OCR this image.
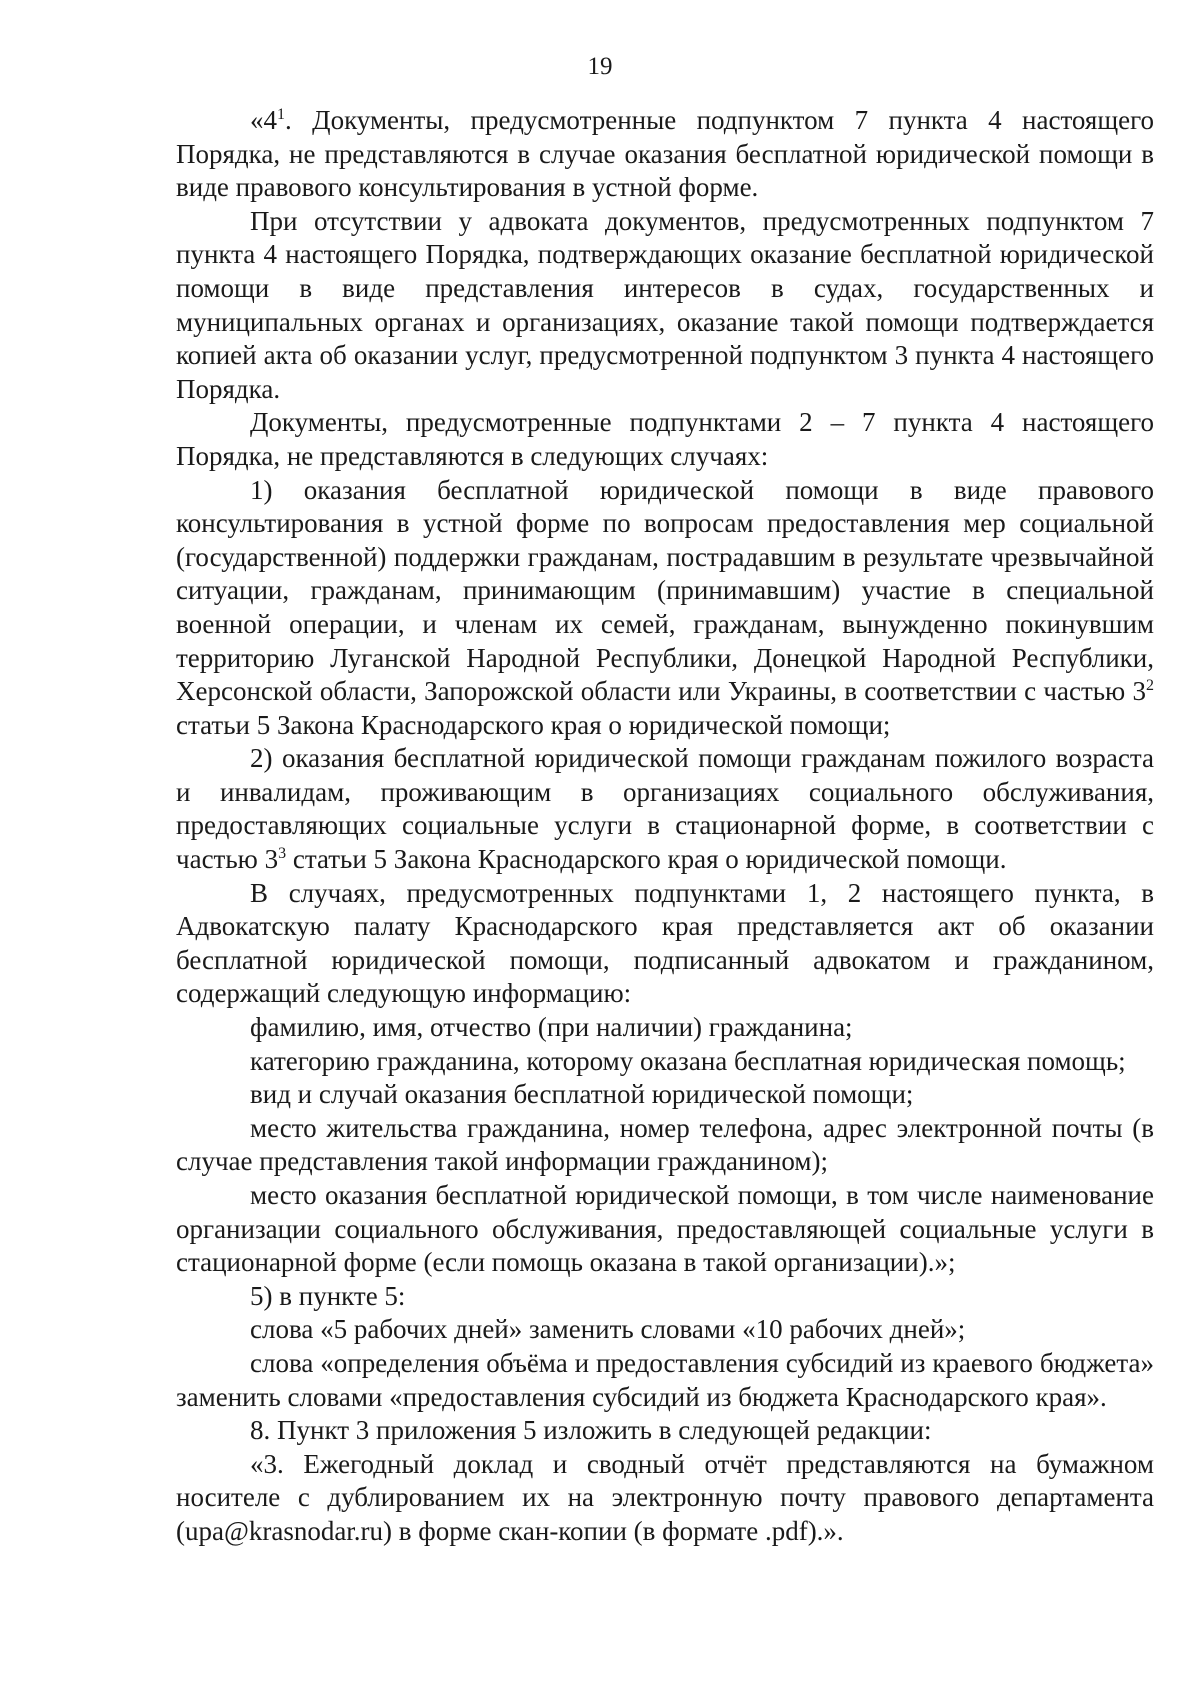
19

«$4^1$. Документы, предусмотренные подпунктом 7 пункта 4 настоящего Порядка, не представляются в случае оказания бесплатной юридической помощи в виде правового консультирования в устной форме.

При отсутствии у адвоката документов, предусмотренных подпунктом 7 пункта 4 настоящего Порядка, подтверждающих оказание бесплатной юридической помощи в виде представления интересов в судах, государственных и муниципальных органах и организациях, оказание такой помощи подтверждается копией акта об оказании услуг, предусмотренной подпунктом 3 пункта 4 настоящего Порядка.

Документы, предусмотренные подпунктами 2 – 7 пункта 4 настоящего Порядка, не представляются в следующих случаях:

1) оказания бесплатной юридической помощи в виде правового консультирования в устной форме по вопросам предоставления мер социальной (государственной) поддержки гражданам, пострадавшим в результате чрезвычайной ситуации, гражданам, принимающим (принимавшим) участие в специальной военной операции, и членам их семей, гражданам, вынужденно покинувшим территорию Луганской Народной Республики, Донецкой Народной Республики, Херсонской области, Запорожской области или Украины, в соответствии с частью $3^2$ статьи 5 Закона Краснодарского края о юридической помощи;

2) оказания бесплатной юридической помощи гражданам пожилого возраста и инвалидам, проживающим в организациях социального обслуживания, предоставляющих социальные услуги в стационарной форме, в соответствии с частью $3^3$ статьи 5 Закона Краснодарского края о юридической помощи.

В случаях, предусмотренных подпунктами 1, 2 настоящего пункта, в Адвокатскую палату Краснодарского края представляется акт об оказании бесплатной юридической помощи, подписанный адвокатом и гражданином, содержащий следующую информацию:

фамилию, имя, отчество (при наличии) гражданина;

категорию гражданина, которому оказана бесплатная юридическая помощь;

вид и случай оказания бесплатной юридической помощи;

место жительства гражданина, номер телефона, адрес электронной почты (в случае представления такой информации гражданином);

место оказания бесплатной юридической помощи, в том числе наименование организации социального обслуживания, предоставляющей социальные услуги в стационарной форме (если помощь оказана в такой организации).»;

5) в пункте 5:

слова «5 рабочих дней» заменить словами «10 рабочих дней»;

слова «определения объёма и предоставления субсидий из краевого бюджета» заменить словами «предоставления субсидий из бюджета Краснодарского края».

8. Пункт 3 приложения 5 изложить в следующей редакции:

«3. Ежегодный доклад и сводный отчёт представляются на бумажном носителе с дублированием их на электронную почту правового департамента (upa@krasnodar.ru) в форме скан-копии (в формате .pdf).».
